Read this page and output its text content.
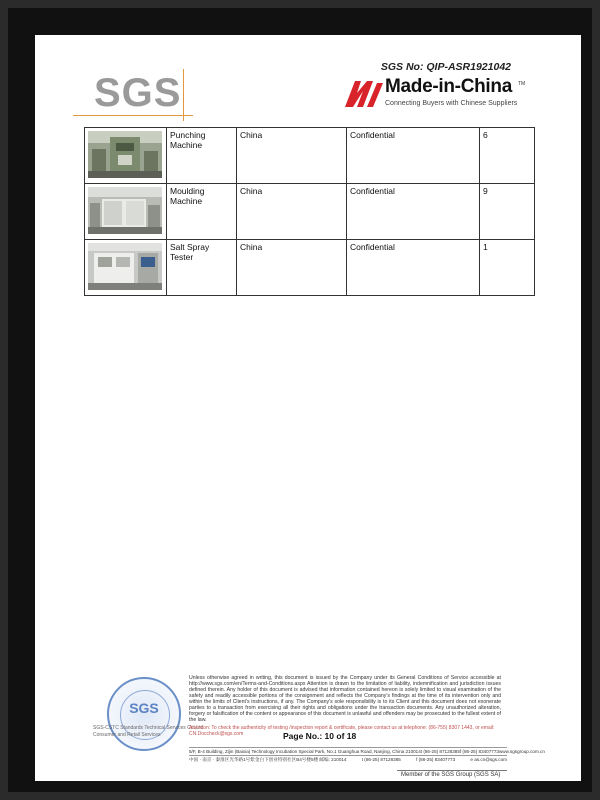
SGS
SGS No: QIP-ASR1921042
Made-in-China TM
Connecting Buyers with Chinese Suppliers
	Punching Machine	China	Confidential	6
	Moulding Machine	China	Confidential	9
	Salt Spray Tester	China	Confidential	1
SGS
SGS-CSTC Standards Technical Services Co.,Ltd.
Consumer and Retail Services
Unless otherwise agreed in writing, this document is issued by the Company under its General Conditions of Service accessible at http://www.sgs.com/en/Terms-and-Conditions.aspx Attention is drawn to the limitation of liability, indemnification and jurisdiction issues defined therein. Any holder of this document is advised that information contained hereon is solely limited to visual examination of the safety and readily accessible portions of the consignment and reflects the Company's findings at the time of its intervention only and within the limits of Client's instructions, if any. The Company's sole responsibility is to its Client and this document does not exonerate parties to a transaction from exercising all their rights and obligations under the transaction documents. Any unauthorized alteration, forgery or falsification of the content or appearance of this document is unlawful and offenders may be prosecuted to the fullest extent of the law.
Attention: To check the authenticity of testing /inspection report & certificate, please contact us at telephone: (86-755) 8307 1443, or email: CN.Doccheck@sgs.com	Page No.: 10 of 18
5/F, B-4 Building, Zijin (Baixia) Technology Incubation Special Park, No.1 Guanghua Road, Nanjing, China 210014 t (86-25) 87128385 f (86-25) 83407773 www.sgsgroup.com.cn
中国 · 南京 · 秦淮区光华路1号紫金白下创业特别社区B4号楼5楼 邮编: 210014	t (86-25) 87128385	f (86-25) 83407773	e as.cn@sgs.com
Member of the SGS Group (SGS SA)
